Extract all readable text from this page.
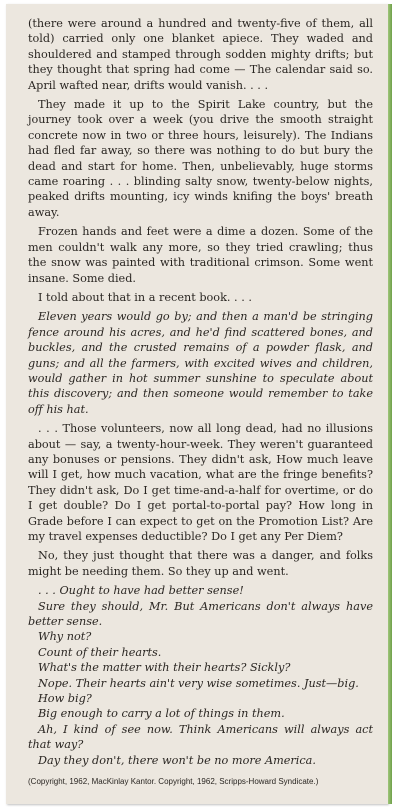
(there were around a hundred and twenty-five of them, all told) carried only one blanket apiece. They waded and shouldered and stamped through sodden mighty drifts; but they thought that spring had come — The calendar said so. April wafted near, drifts would vanish. . . .

They made it up to the Spirit Lake country, but the journey took over a week (you drive the smooth straight concrete now in two or three hours, leisurely). The Indians had fled far away, so there was nothing to do but bury the dead and start for home. Then, unbelievably, huge storms came roaring . . . blinding salty snow, twenty-below nights, peaked drifts mounting, icy winds knifing the boys' breath away.

Frozen hands and feet were a dime a dozen. Some of the men couldn't walk any more, so they tried crawling; thus the snow was painted with traditional crimson. Some went insane. Some died.

I told about that in a recent book. . . .

Eleven years would go by; and then a man'd be stringing fence around his acres, and he'd find scattered bones, and buckles, and the crusted remains of a powder flask, and guns; and all the farmers, with excited wives and children, would gather in hot summer sunshine to speculate about this discovery; and then someone would remember to take off his hat.

. . . Those volunteers, now all long dead, had no illusions about — say, a twenty-hour-week. They weren't guaranteed any bonuses or pensions. They didn't ask, How much leave will I get, how much vacation, what are the fringe benefits? They didn't ask, Do I get time-and-a-half for overtime, or do I get double? Do I get portal-to-portal pay? How long in Grade before I can expect to get on the Promotion List? Are my travel expenses deductible? Do I get any Per Diem?

No, they just thought that there was a danger, and folks might be needing them. So they up and went.

. . . Ought to have had better sense!

Sure they should, Mr. But Americans don't always have better sense.

Why not?

Count of their hearts.

What's the matter with their hearts? Sickly?

Nope. Their hearts ain't very wise sometimes. Just—big.

How big?

Big enough to carry a lot of things in them.

Ah, I kind of see now. Think Americans will always act that way?

Day they don't, there won't be no more America.

(Copyright, 1962, MacKinlay Kantor. Copyright, 1962, Scripps-Howard Syndicate.)
